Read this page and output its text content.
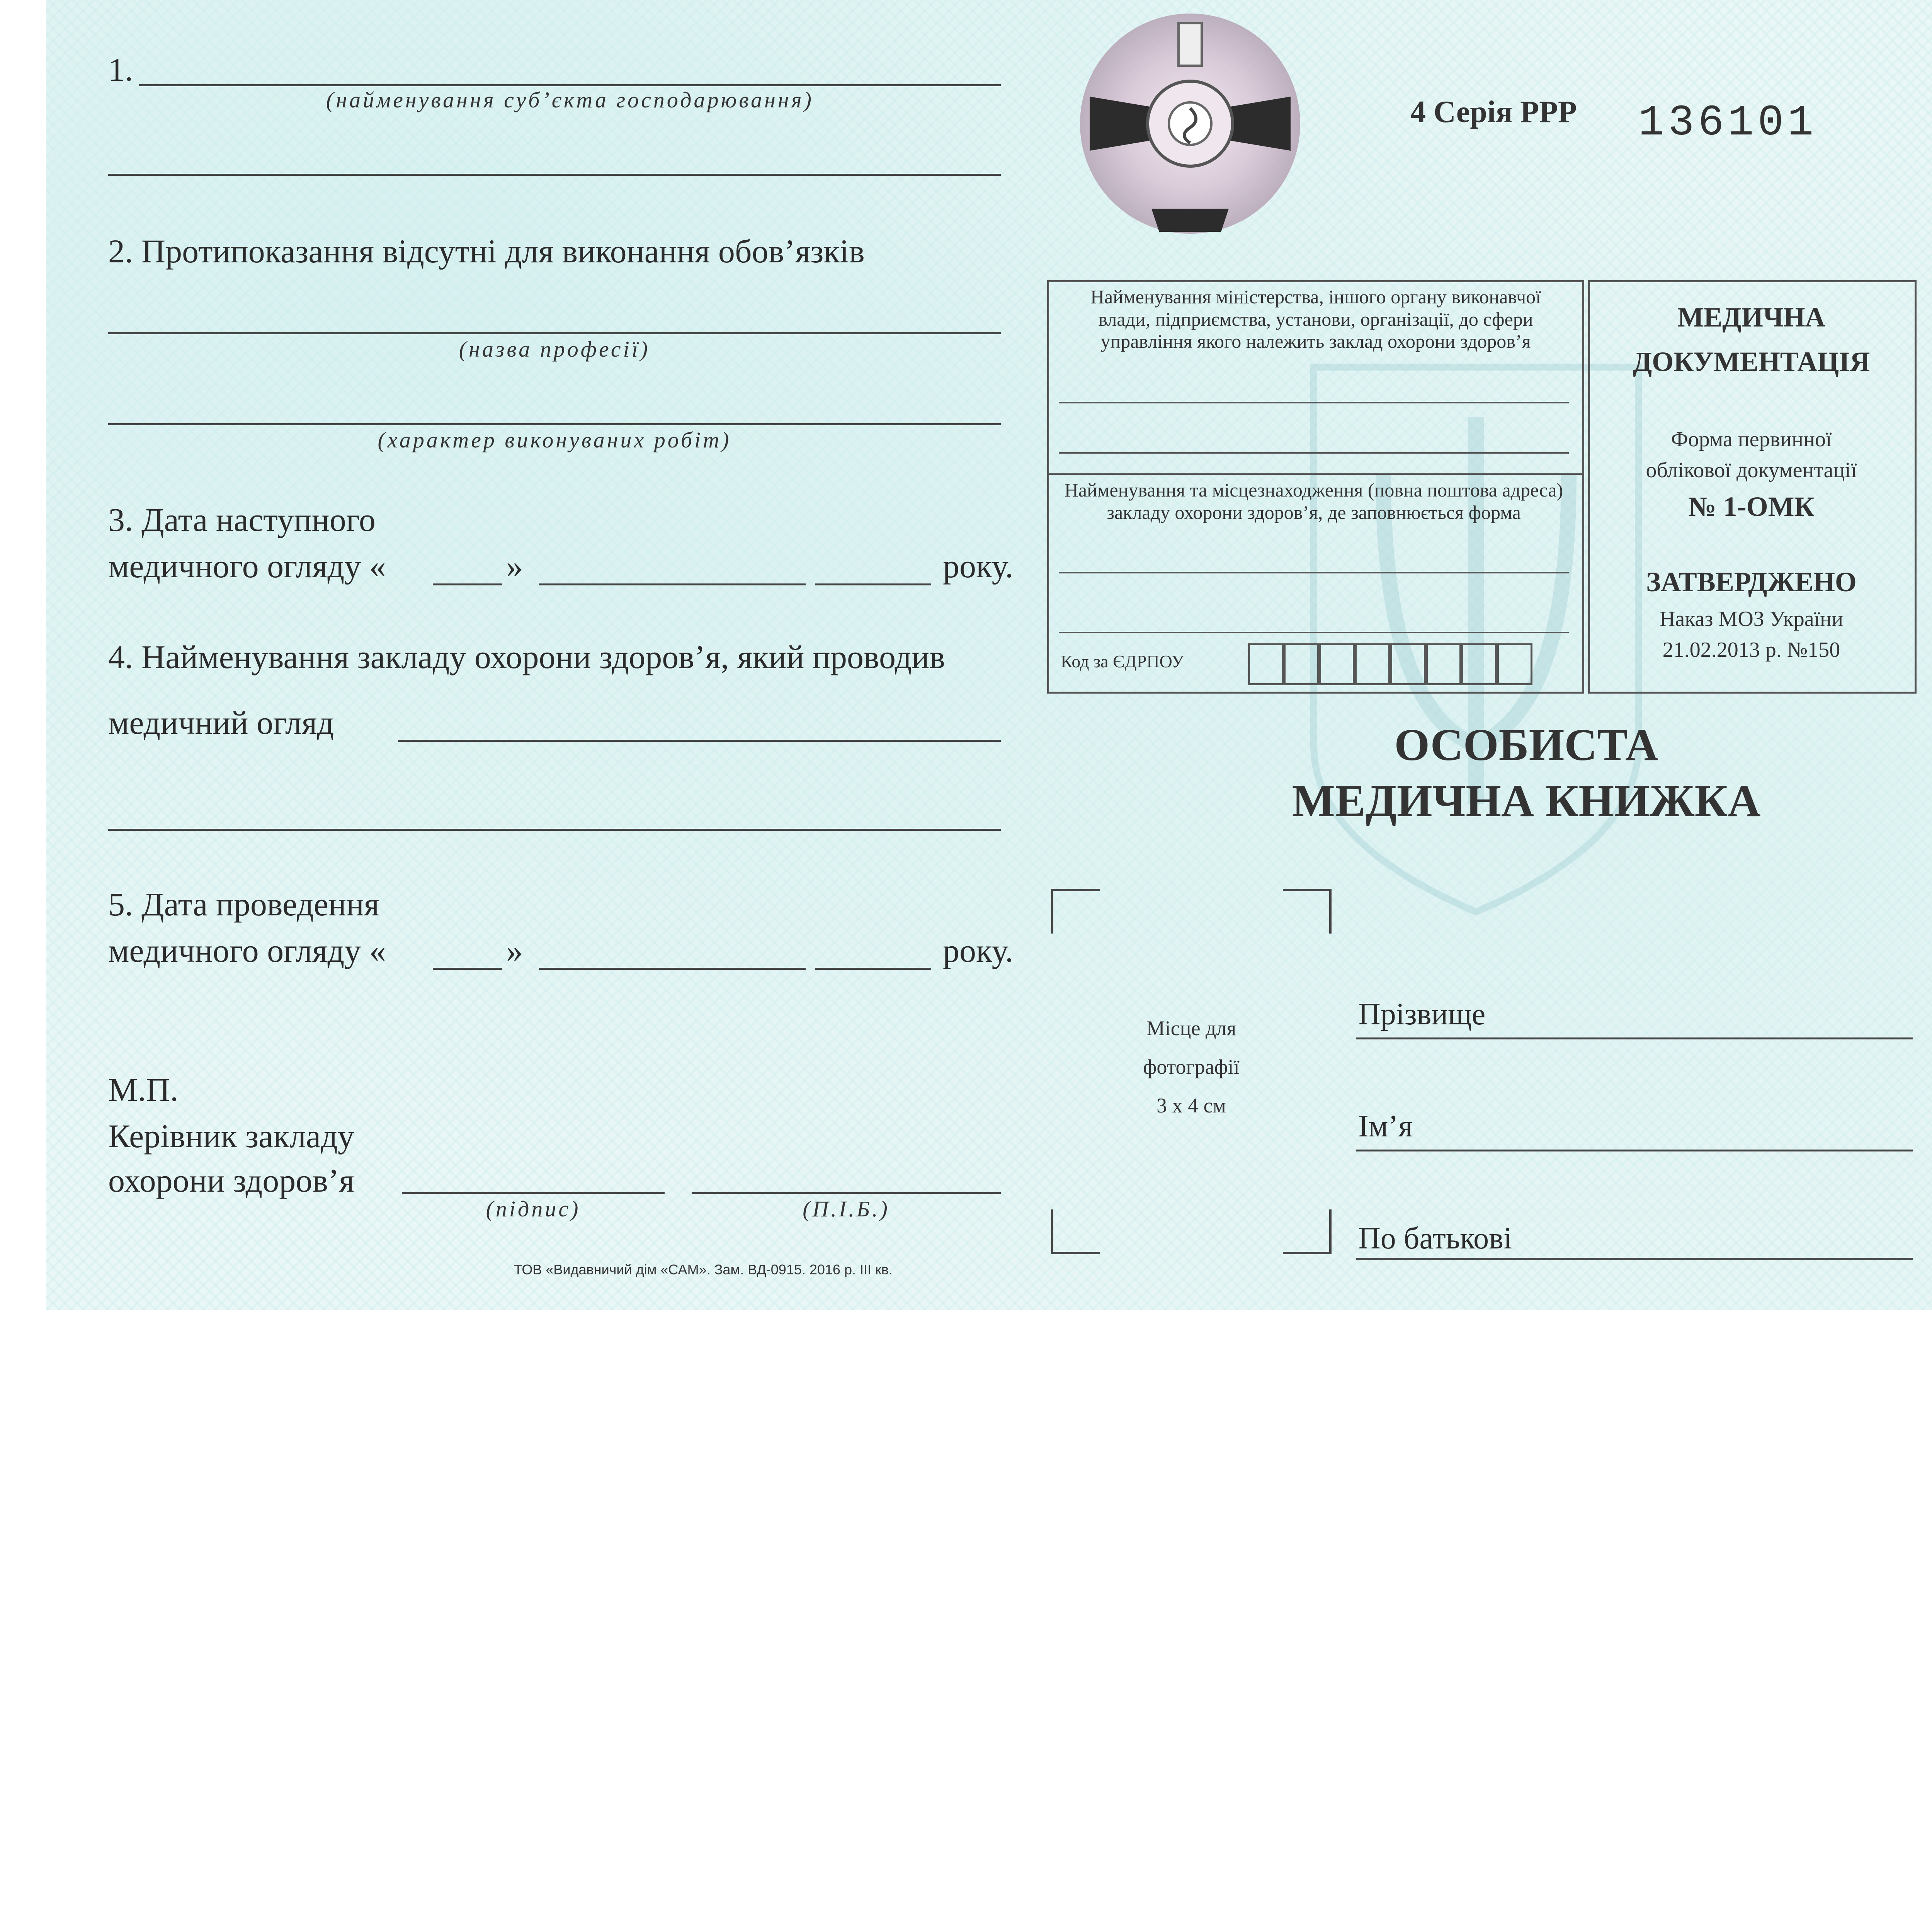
1.
(найменування суб’єкта господарювання)
2. Протипоказання відсутні для виконання обов’язків
(назва професії)
(характер виконуваних робіт)
3. Дата наступного
медичного огляду «	»	року.
4. Найменування закладу охорони здоров’я, який проводив
медичний огляд
5. Дата проведення
медичного огляду «	»	року.
М.П.
Керівник закладу
охорони здоров’я
(підпис)	(П.І.Б.)
ТОВ «Видавничий дім «САМ». Зам. ВД-0915. 2016 р. III кв.
4 Серія РРР 136101
Найменування міністерства, іншого органу виконавчої влади, підприємства, установи, організації, до сфери управління якого належить заклад охорони здоров’я
Найменування та місцезнаходження (повна поштова адреса) закладу охорони здоров’я, де заповнюється форма
Код за ЄДРПОУ
МЕДИЧНА
ДОКУМЕНТАЦІЯ
Форма первинної
облікової документації
№ 1-ОМК
ЗАТВЕРДЖЕНО
Наказ МОЗ України
21.02.2013 р. №150
ОСОБИСТА
МЕДИЧНА КНИЖКА
Місце для
фотографії
3 х 4 см
Прізвище
Ім’я
По батькові
